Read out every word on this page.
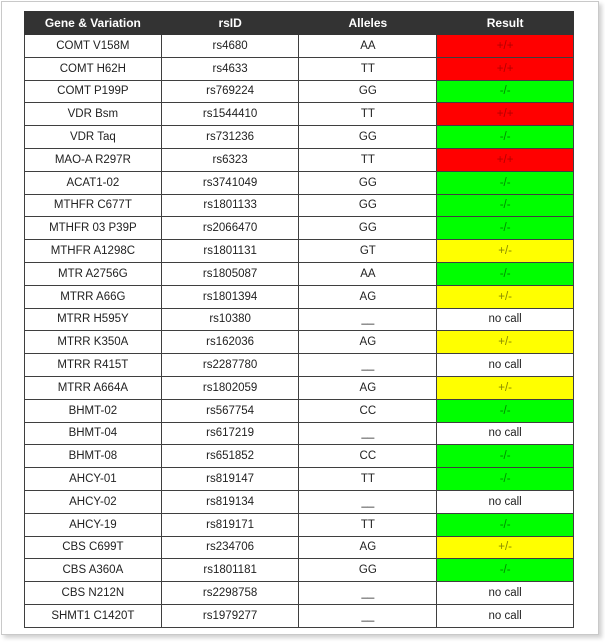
Gene & Variation	rsID	Alleles	Result
COMT V158M	rs4680	AA	+/+
COMT H62H	rs4633	TT	+/+
COMT P199P	rs769224	GG	-/-
VDR Bsm	rs1544410	TT	+/+
VDR Taq	rs731236	GG	-/-
MAO-A R297R	rs6323	TT	+/+
ACAT1-02	rs3741049	GG	-/-
MTHFR C677T	rs1801133	GG	-/-
MTHFR 03 P39P	rs2066470	GG	-/-
MTHFR A1298C	rs1801131	GT	+/-
MTR A2756G	rs1805087	AA	-/-
MTRR A66G	rs1801394	AG	+/-
MTRR H595Y	rs10380	__	no call
MTRR K350A	rs162036	AG	+/-
MTRR R415T	rs2287780	__	no call
MTRR A664A	rs1802059	AG	+/-
BHMT-02	rs567754	CC	-/-
BHMT-04	rs617219	__	no call
BHMT-08	rs651852	CC	-/-
AHCY-01	rs819147	TT	-/-
AHCY-02	rs819134	__	no call
AHCY-19	rs819171	TT	-/-
CBS C699T	rs234706	AG	+/-
CBS A360A	rs1801181	GG	-/-
CBS N212N	rs2298758	__	no call
SHMT1 C1420T	rs1979277	__	no call
